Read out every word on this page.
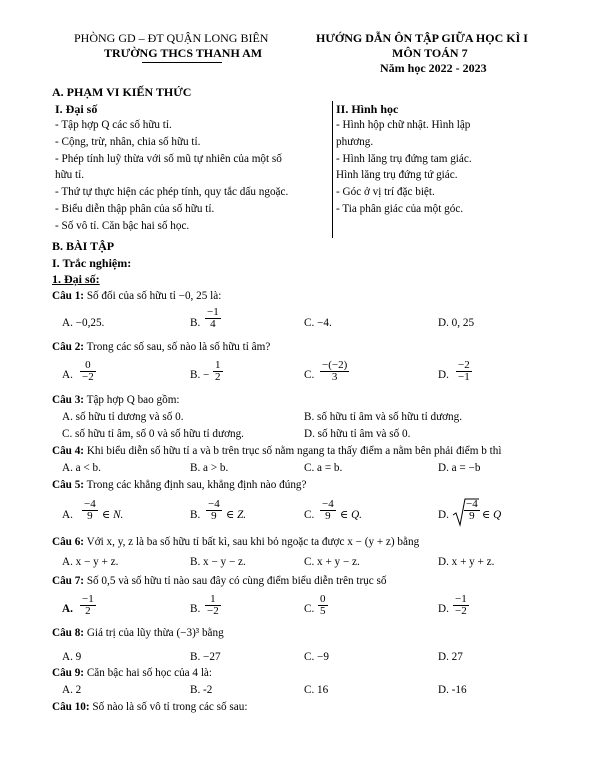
PHÒNG GD – ĐT QUẬN LONG BIÊN
TRƯỜNG THCS THANH AM
HƯỚNG DẪN ÔN TẬP GIỮA HỌC KÌ I
MÔN TOÁN 7
Năm học 2022 - 2023
A. PHẠM VI KIẾN THỨC
I. Đại số
- Tập hợp Q các số hữu tỉ.
- Cộng, trừ, nhân, chia số hữu tỉ.
- Phép tính luỹ thừa với số mũ tự nhiên của một số
hữu tỉ.
- Thứ tự thực hiện các phép tính, quy tắc dấu ngoặc.
- Biểu diễn thập phân của số hữu tỉ.
- Số vô tỉ. Căn bậc hai số học.
II. Hình học
- Hình hộp chữ nhật. Hình lập
phương.
- Hình lăng trụ đứng tam giác.
Hình lăng trụ đứng tứ giác.
- Góc ở vị trí đặc biệt.
- Tia phân giác của một góc.
B. BÀI TẬP
I. Trắc nghiệm:
1. Đại số:
Câu 1: Số đối của số hữu tỉ −0, 25 là:
A. −0,25.	B. $\frac{-1}{4}$	C. −4.	D. 0, 25
Câu 2: Trong các số sau, số nào là số hữu tỉ âm?
A. $\frac{0}{-2}$	B. − $\frac{1}{2}$	C. $\frac{-(-2)}{3}$	D. $\frac{-2}{-1}$
Câu 3: Tập hợp Q bao gồm:
A. số hữu tỉ dương và số 0.	B. số hữu tỉ âm và số hữu tỉ dương.
C. số hữu tỉ âm, số 0 và số hữu tỉ dương.	D. số hữu tỉ âm và số 0.
Câu 4: Khi biểu diễn số hữu tỉ a và b trên trục số nằm ngang ta thấy điểm a nằm bên phải điểm b thì
A. a < b.	B. a > b.	C. a = b.	D. a = −b
Câu 5: Trong các khẳng định sau, khẳng định nào đúng?
A. $\frac{-4}{9}$ ∈ N.	B. $\frac{-4}{9}$ ∈ Z.	C. $\frac{-4}{9}$ ∈ Q.	D. $\frac{-4}{9}$ ∈ Q
Câu 6: Với x, y, z là ba số hữu tỉ bất kì, sau khi bỏ ngoặc ta được x − (y + z) bằng
A. x − y + z.	B. x − y − z.	C. x + y − z.	D. x + y + z.
Câu 7: Số 0,5 và số hữu tỉ nào sau đây có cùng điểm biểu diễn trên trục số
A. $\frac{-1}{2}$	B. $\frac{1}{-2}$	C. $\frac{0}{5}$	D. $\frac{-1}{-2}$
Câu 8: Giá trị của lũy thừa (−3)³ bằng
A. 9	B. −27	C. −9	D. 27
Câu 9: Căn bậc hai số học của 4 là:
A. 2	B. -2	C. 16	D. -16
Câu 10: Số nào là số vô tỉ trong các số sau:
